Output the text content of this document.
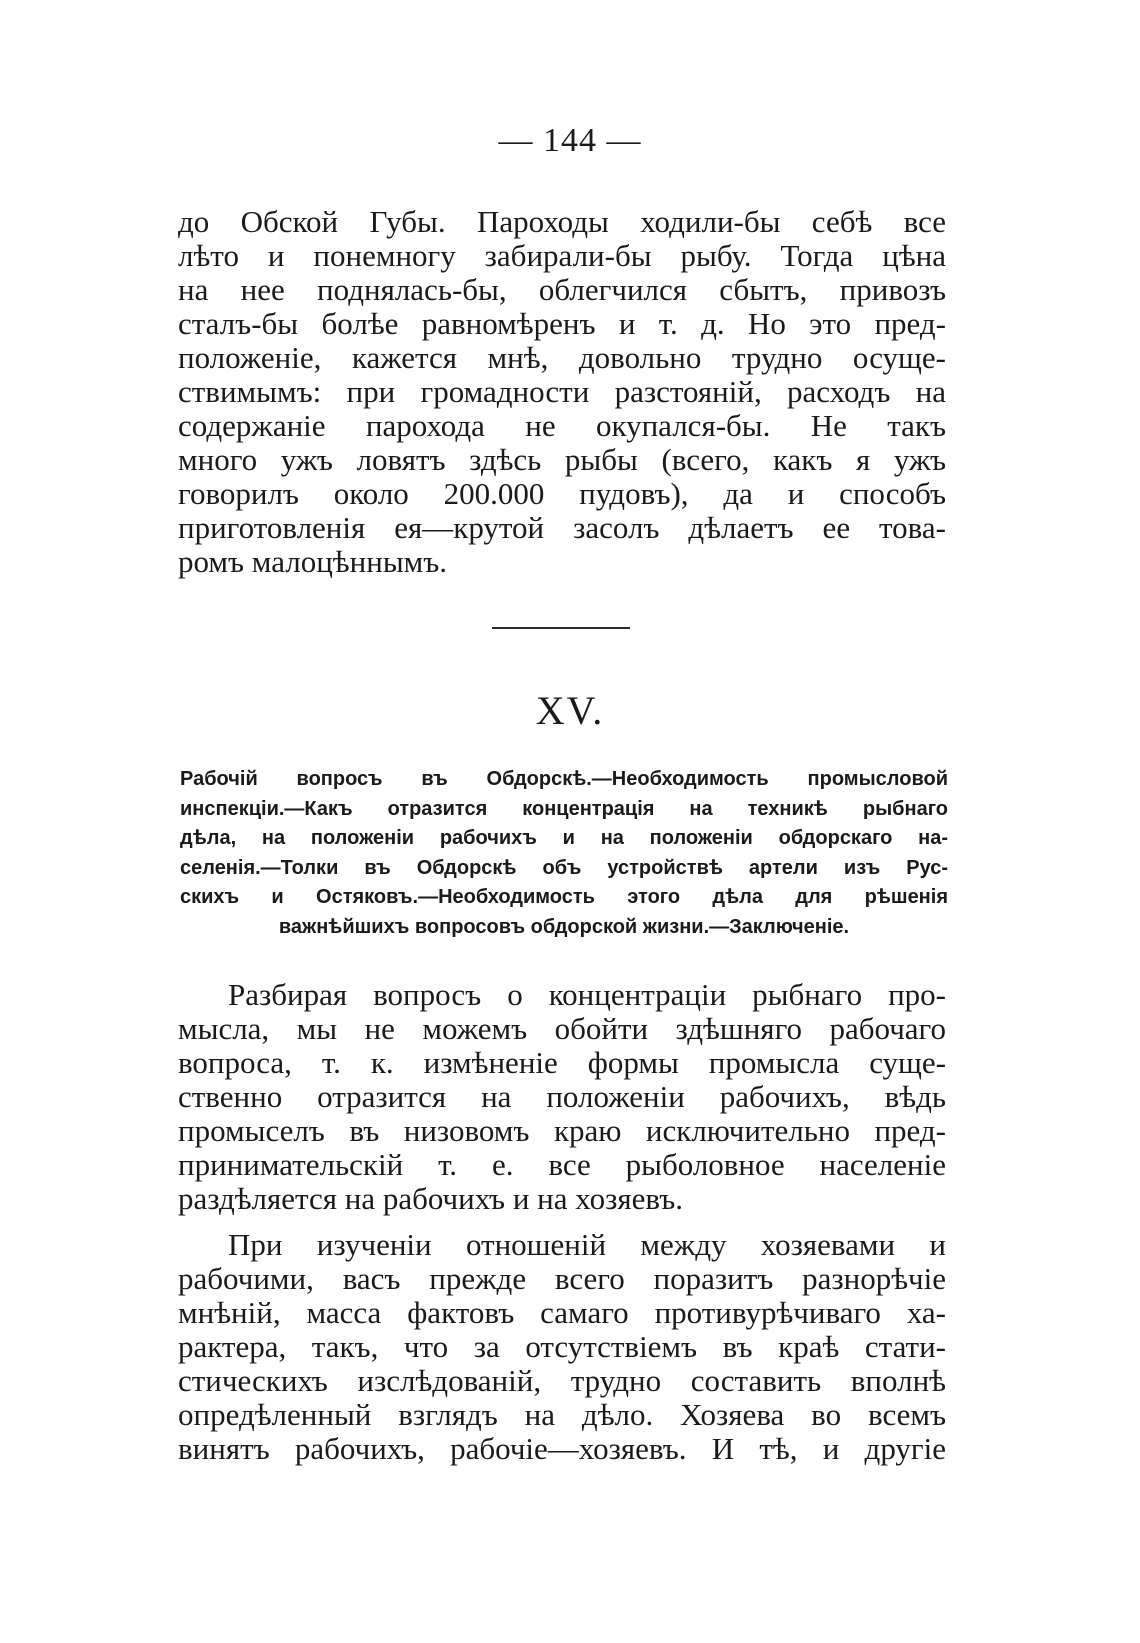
— 144 —
до Обской Губы. Пароходы ходили-бы себѣ все
лѣто и понемногу забирали-бы рыбу. Тогда цѣна
на нее поднялась-бы, облегчился сбытъ, привозъ
сталъ-бы болѣе равномѣренъ и т. д. Но это пред-
положенiе, кажется мнѣ, довольно трудно осуще-
ствимымъ: при громадности разстоянiй, расходъ на
содержанiе парохода не окупался-бы. Не такъ
много ужъ ловятъ здѣсь рыбы (всего, какъ я ужъ
говорилъ около 200.000 пудовъ), да и способъ
приготовленiя ея—крутой засолъ дѣлаетъ ее това-
ромъ малоцѣннымъ.
XV.
Рабочiй вопросъ въ Обдорскѣ.—Необходимость промысловой
инспекцiи.—Какъ отразится концентрацiя на техникѣ рыбнаго
дѣла, на положенiи рабочихъ и на положенiи обдорскаго на-
селенiя.—Толки въ Обдорскѣ объ устройствѣ артели изъ Рус-
скихъ и Остяковъ.—Необходимость этого дѣла для рѣшенiя
важнѣйшихъ вопросовъ обдорской жизни.—Заключенiе.
Разбирая вопросъ о концентрацiи рыбнаго про-
мысла, мы не можемъ обойти здѣшняго рабочаго
вопроса, т. к. измѣненiе формы промысла суще-
ственно отразится на положенiи рабочихъ, вѣдь
промыселъ въ низовомъ краю исключительно пред-
принимательскiй т. е. все рыболовное населенiе
раздѣляется на рабочихъ и на хозяевъ.
При изученiи отношенiй между хозяевами и
рабочими, васъ прежде всего поразитъ разнорѣчiе
мнѣнiй, масса фактовъ самаго противурѣчиваго ха-
рактера, такъ, что за отсутствiемъ въ краѣ стати-
стическихъ изслѣдованiй, трудно составить вполнѣ
опредѣленный взглядъ на дѣло. Хозяева во всемъ
винятъ рабочихъ, рабочiе—хозяевъ. И тѣ, и другiе
